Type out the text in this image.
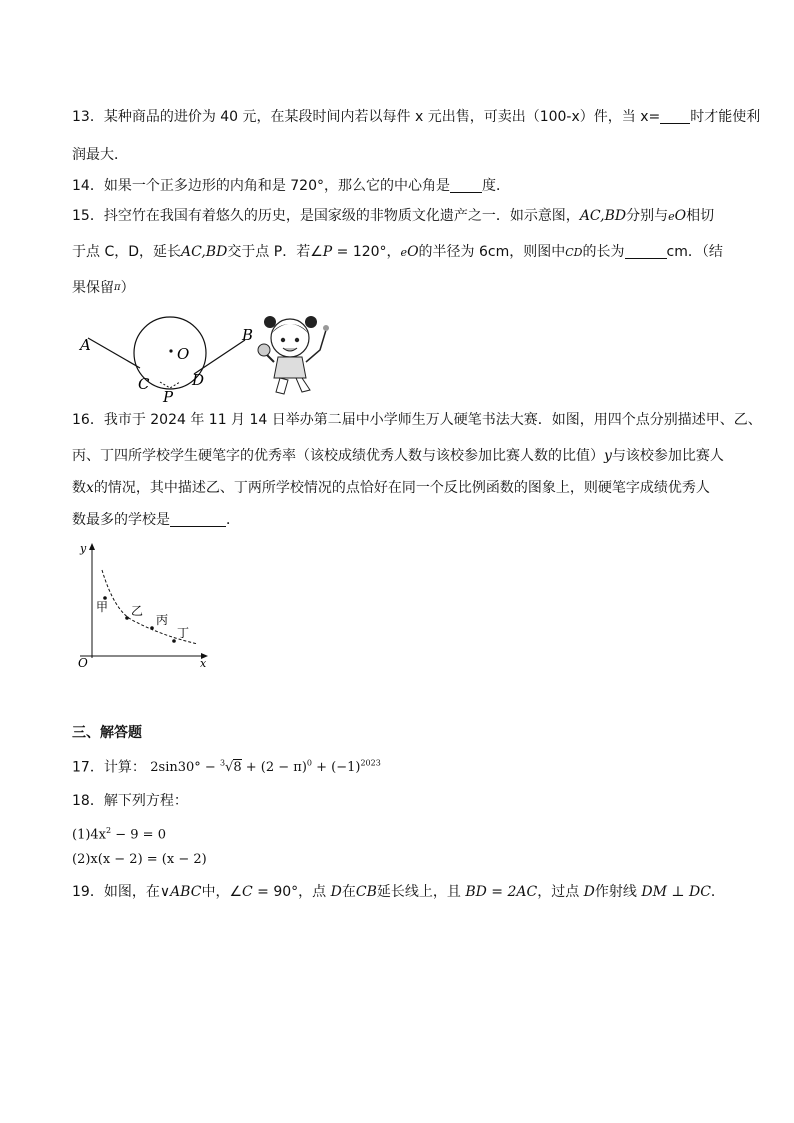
13．某种商品的进价为 40 元，在某段时间内若以每件 x 元出售，可卖出（100-x）件，当 x= 时才能使利
润最大．
14．如果一个正多边形的内角和是 720°，那么它的中心角是 度．
15．抖空竹在我国有着悠久的历史，是国家级的非物质文化遗产之一．如示意图，AC,BD分别与eO相切
于点 C，D，延长AC,BD交于点 P．若∠P = 120°，eO的半径为 6cm，则图中CD的长为	cm．（结
果保留π）
A
B
C	D
P
O
16．我市于 2024 年 11 月 14 日举办第二届中小学师生万人硬笔书法大赛．如图，用四个点分别描述甲、乙、
丙、丁四所学校学生硬笔字的优秀率（该校成绩优秀人数与该校参加比赛人数的比值）y与该校参加比赛人
数x的情况，其中描述乙、丁两所学校情况的点恰好在同一个反比例函数的图象上，则硬笔字成绩优秀人
数最多的学校是	．
y
x
O
甲 乙
丙
丁
三、解答题
17．计算： $2\sin 30^\circ - ^3√8 + (2 - \pi)^0 + (-1)^{2023}$
18．解下列方程：
$(1)4x^2 - 9 = 0$
(2)x(x − 2) = (x − 2)
19．如图，在∨ABC中，∠C = 90°，点 D在CB延长线上，且 BD = 2AC，过点 D作射线 DM ⊥ DC．
